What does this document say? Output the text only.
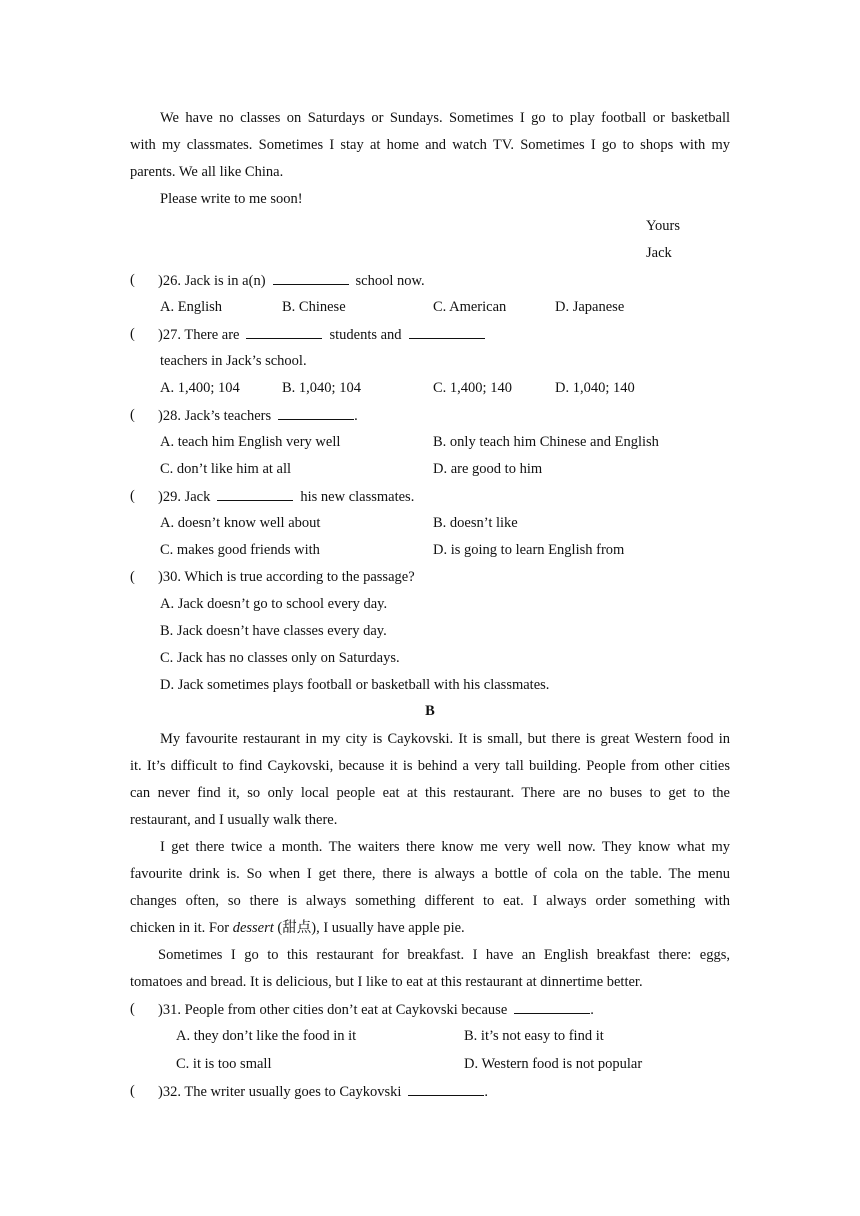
We have no classes on Saturdays or Sundays. Sometimes I go to play football or basketball
with my classmates. Sometimes I stay at home and watch TV. Sometimes I go to shops with my
parents. We all like China.
Please write to me soon!
Yours
Jack
( )26. Jack is in a(n)	school now.
A. English	B. Chinese	C. American	D. Japanese
( )27. There are	students and
teachers in Jack’s school.
A. 1,400; 104	B. 1,040; 104	C. 1,400; 140	D. 1,040; 140
( )28. Jack’s teachers	.
A. teach him English very well	B. only teach him Chinese and English
C. don’t like him at all	D. are good to him
( )29. Jack	his new classmates.
A. doesn’t know well about	B. doesn’t like
C. makes good friends with	D. is going to learn English from
( )30. Which is true according to the passage?
A. Jack doesn’t go to school every day.
B. Jack doesn’t have classes every day.
C. Jack has no classes only on Saturdays.
D. Jack sometimes plays football or basketball with his classmates.
B
My favourite restaurant in my city is Caykovski. It is small, but there is great Western food in
it. It’s difficult to find Caykovski, because it is behind a very tall building. People from other cities
can never find it, so only local people eat at this restaurant. There are no buses to get to the
restaurant, and I usually walk there.
I get there twice a month. The waiters there know me very well now. They know what my
favourite drink is. So when I get there, there is always a bottle of cola on the table. The menu
changes often, so there is always something different to eat. I always order something with
chicken in it. For dessert (甜点), I usually have apple pie.
Sometimes I go to this restaurant for breakfast. I have an English breakfast there: eggs,
tomatoes and bread. It is delicious, but I like to eat at this restaurant at dinnertime better.
( )31. People from other cities don’t eat at Caykovski because	.
A. they don’t like the food in it	B. it’s not easy to find it
C. it is too small	D. Western food is not popular
( )32. The writer usually goes to Caykovski	.
